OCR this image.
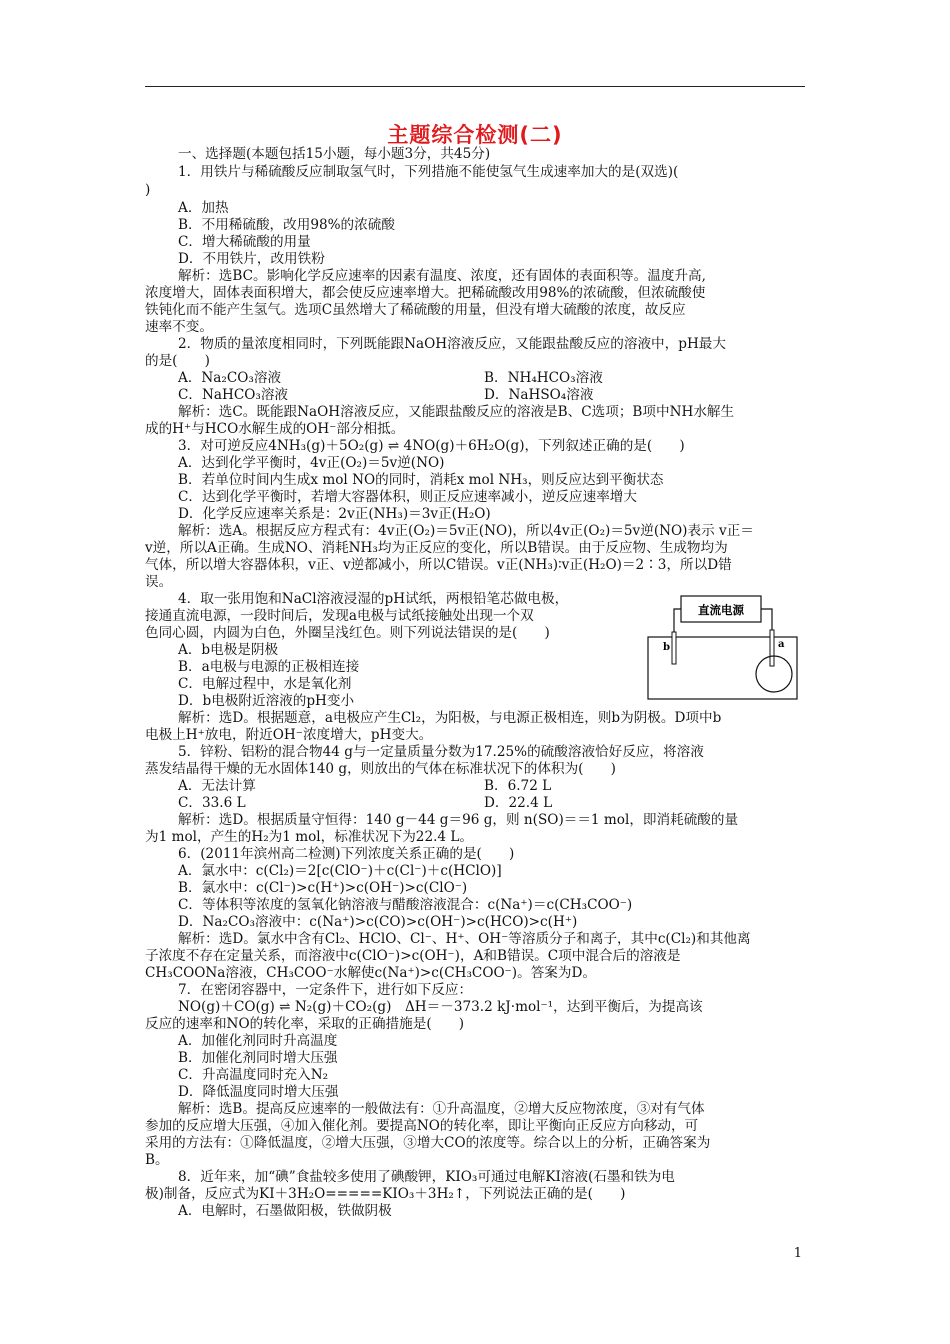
主题综合检测(二)
一、选择题(本题包括15小题，每小题3分，共45分)
1．用铁片与稀硫酸反应制取氢气时，下列措施不能使氢气生成速率加大的是(双选)(
)
A．加热
B．不用稀硫酸，改用98%的浓硫酸
C．增大稀硫酸的用量
D．不用铁片，改用铁粉
解析：选BC。影响化学反应速率的因素有温度、浓度，还有固体的表面积等。温度升高,
浓度增大，固体表面积增大，都会使反应速率增大。把稀硫酸改用98%的浓硫酸，但浓硫酸使
铁钝化而不能产生氢气。选项C虽然增大了稀硫酸的用量，但没有增大硫酸的浓度，故反应
速率不变。
2．物质的量浓度相同时，下列既能跟NaOH溶液反应，又能跟盐酸反应的溶液中，pH最大
的是(　　)
A．Na₂CO₃溶液	B．NH₄HCO₃溶液
C．NaHCO₃溶液	D．NaHSO₄溶液
解析：选C。既能跟NaOH溶液反应，又能跟盐酸反应的溶液是B、C选项；B项中NH水解生
成的H⁺与HCO水解生成的OH⁻部分相抵。
3．对可逆反应4NH₃(g)＋5O₂(g) ⇌ 4NO(g)＋6H₂O(g)，下列叙述正确的是(　　)
A．达到化学平衡时，4v正(O₂)＝5v逆(NO)
B．若单位时间内生成x mol NO的同时，消耗x mol NH₃，则反应达到平衡状态
C．达到化学平衡时，若增大容器体积，则正反应速率减小，逆反应速率增大
D．化学反应速率关系是：2v正(NH₃)＝3v正(H₂O)
解析：选A。根据反应方程式有：4v正(O₂)＝5v正(NO)，所以4v正(O₂)＝5v逆(NO)表示 v正＝
v逆，所以A正确。生成NO、消耗NH₃均为正反应的变化，所以B错误。由于反应物、生成物均为
气体，所以增大容器体积，v正、v逆都减小，所以C错误。v正(NH₃)∶v正(H₂O)＝2∶3，所以D错
误。
4．取一张用饱和NaCl溶液浸湿的pH试纸，两根铅笔芯做电极，
接通直流电源，一段时间后，发现a电极与试纸接触处出现一个双
色同心圆，内圆为白色，外圈呈浅红色。则下列说法错误的是(　　)
A．b电极是阴极
B．a电极与电源的正极相连接
C．电解过程中，水是氧化剂
D．b电极附近溶液的pH变小
解析：选D。根据题意，a电极应产生Cl₂，为阳极，与电源正极相连，则b为阴极。D项中b
电极上H⁺放电，附近OH⁻浓度增大，pH变大。
直流电源
b	a
5．锌粉、铝粉的混合物44 g与一定量质量分数为17.25%的硫酸溶液恰好反应，将溶液
蒸发结晶得干燥的无水固体140 g，则放出的气体在标准状况下的体积为(　　)
A．无法计算	B．6.72 L
C．33.6 L	D．22.4 L
解析：选D。根据质量守恒得：140 g－44 g＝96 g，则 n(SO)＝＝1 mol，即消耗硫酸的量
为1 mol，产生的H₂为1 mol，标准状况下为22.4 L。
6．(2011年滨州高二检测)下列浓度关系正确的是(　　)
A．氯水中：c(Cl₂)＝2[c(ClO⁻)＋c(Cl⁻)＋c(HClO)]
B．氯水中：c(Cl⁻)>c(H⁺)>c(OH⁻)>c(ClO⁻)
C．等体积等浓度的氢氧化钠溶液与醋酸溶液混合：c(Na⁺)＝c(CH₃COO⁻)
D．Na₂CO₃溶液中：c(Na⁺)>c(CO)>c(OH⁻)>c(HCO)>c(H⁺)
解析：选D。氯水中含有Cl₂、HClO、Cl⁻、H⁺、OH⁻等溶质分子和离子，其中c(Cl₂)和其他离
子浓度不存在定量关系，而溶液中c(ClO⁻)>c(OH⁻)，A和B错误。C项中混合后的溶液是
CH₃COONa溶液，CH₃COO⁻水解使c(Na⁺)>c(CH₃COO⁻)。答案为D。
7．在密闭容器中，一定条件下，进行如下反应：
NO(g)＋CO(g) ⇌ N₂(g)＋CO₂(g)　ΔH＝－373.2 kJ·mol⁻¹，达到平衡后，为提高该
反应的速率和NO的转化率，采取的正确措施是(　　)
A．加催化剂同时升高温度
B．加催化剂同时增大压强
C．升高温度同时充入N₂
D．降低温度同时增大压强
解析：选B。提高反应速率的一般做法有：①升高温度，②增大反应物浓度，③对有气体
参加的反应增大压强，④加入催化剂。要提高NO的转化率，即让平衡向正反应方向移动，可
采用的方法有：①降低温度，②增大压强，③增大CO的浓度等。综合以上的分析，正确答案为
B。
8．近年来，加“碘”食盐较多使用了碘酸钾，KIO₃可通过电解KI溶液(石墨和铁为电
极)制备，反应式为KI＋3H₂O=====KIO₃＋3H₂↑，下列说法正确的是(　　)
A．电解时，石墨做阳极，铁做阴极
1
